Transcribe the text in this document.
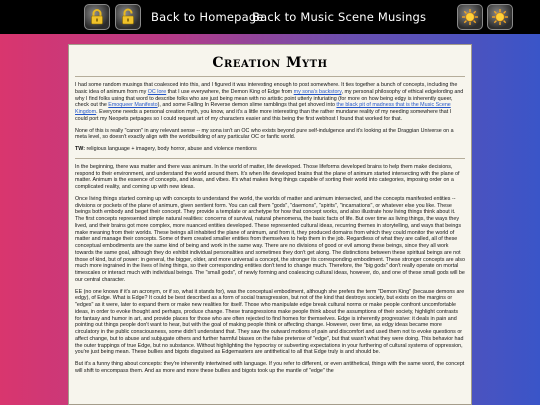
Back to Homepage
Back to Music Scene Musings
Creation Myth

I had some random musings that coalesced into this, and I figured it was interesting enough to post somewhere. It ties together a bunch of concepts, including the basic idea of animum from my OC lore that I use everywhere, the Demon King of Edge from my sona's backstory, my personal philosophy of ethical edgelording and why I find folks using that word to describe folks who are just being mean with no artistic point utterly infuriating (for more on how being edgy is inherently queer, check out the Emoqueer Manifesto), and some Falling In Reverse demon slime ramblings that get shoved into the black pit of madness that is the Music Scene Kingdom. Everyone needs a personal creation myth, you know, and it's a little more interesting than the rather mundane reality of my needing somewhere that I could port my Neopets petpages so I could request art of my characters easier and this being the first webhost I found that worked for that.

None of this is really "canon" in any relevant sense -- my sona isn't an OC who exists beyond pure self-indulgence and it's looking at the Draggian Universe on a meta level, so doesn't exactly align with the worldbuilding of any particular OC or fanfic world.

TW: religious language + imagery, body horror, abuse and violence mentions

In the beginning, there was matter and there was animum. In the world of matter, life developed. Those lifeforms developed brains to help them make decisions, respond to their environment, and understand the world around them. It's when life developed brains that the plane of animum started intersecting with the plane of matter. Animum is the essence of concepts, and ideas, and vibes. It's what makes living things capable of sorting their world into categories, imposing order on a complicated reality, and coming up with new ideas.

Once living things started coming up with concepts to understand the world, the worlds of matter and animum intersected, and the concepts manifested entities -- divisions or pockets of the plane of animum, given sentient form. You can call them "gods", "daemons", "spirits", "incarnations", or whatever else you like. These beings both embody and beget their concept. They provide a template or archetype for how that concept works, and also illustrate how living things think about it. The first concepts represented simple natural realities: concerns of survival, natural phenomena, the basic facts of life. But over time as living things, the ways they lived, and their brains got more complex, more nuanced entities developed. These represented cultural ideas, recurring themes in storytelling, and ways that beings make meaning from their worlds. These beings all inhabited the plane of animum, and from it, they produced domains from which they could monitor the world of matter and manage their concepts. Some of them created smaller entities from themselves to help them in the job. Regardless of what they are called, all of these conceptual embodiments are the same kind of being and work in the same way. There are no divisions of good or evil among these beings, since they all work towards the same goal, although they do exhibit individual personalities and sometimes they don't get along. The distinctions between these spiritual beings are not those of kind, but of power: in general, the bigger, older, and more universal a concept, the stronger its corresponding embodiment. These stronger concepts are also much more ingrained in the lives of living things, so their corresponding entities don't tend to change much. Therefore, the "big gods" don't really operate on mortal timescales or interact much with individual beings. The "small gods", of newly forming and coalescing cultural ideas, however, do, and one of these small gods will be our central character.

EE (no one knows if it's an acronym, or if so, what it stands for), was the conceptual embodiment, although she prefers the term "Demon King" (because demons are edgy), of Edge. What is Edge? It could be best described as a form of social transgression, but not of the kind that destroys society, but exists on the margins or "edges" as it were, later to expand them or make new realities for itself. Those who manipulate edge break cultural norms or make people confront uncomfortable ideas, in order to evoke thought and perhaps, produce change. These transgressions make people think about the assumptions of their society, highlight contrasts for fantasy and humor in art, and provide places for those who are often rejected to find homes for themselves. Edge is inherently progressive: it deals in pain and pointing out things people don't want to hear, but with the goal of making people think or affecting change. However, over time, as edgy ideas became more circulatory in the public consciousness, some didn't understand that. They saw the outward motions of pain and discomfort and used them not to evoke questions or affect change, but to abuse and subjugate others and further harmful biases on the false pretense of "edge", but that wasn't what they were doing. This behavior had the outer trappings of true Edge, but no substance. Without highlighting the hypocrisy or subverting expectations in your furthering of cultural systems of oppression, you're just being mean. These bullies and bigots disguised as Edgemasters are antithetical to all that Edge truly is and should be.

But it's a funny thing about concepts: they're inherently intertwined with language. If you refer to different, or even antithetical, things with the same word, the concept will shift to encompass them. And as more and more these bullies and bigots took up the mantle of "edge" the
